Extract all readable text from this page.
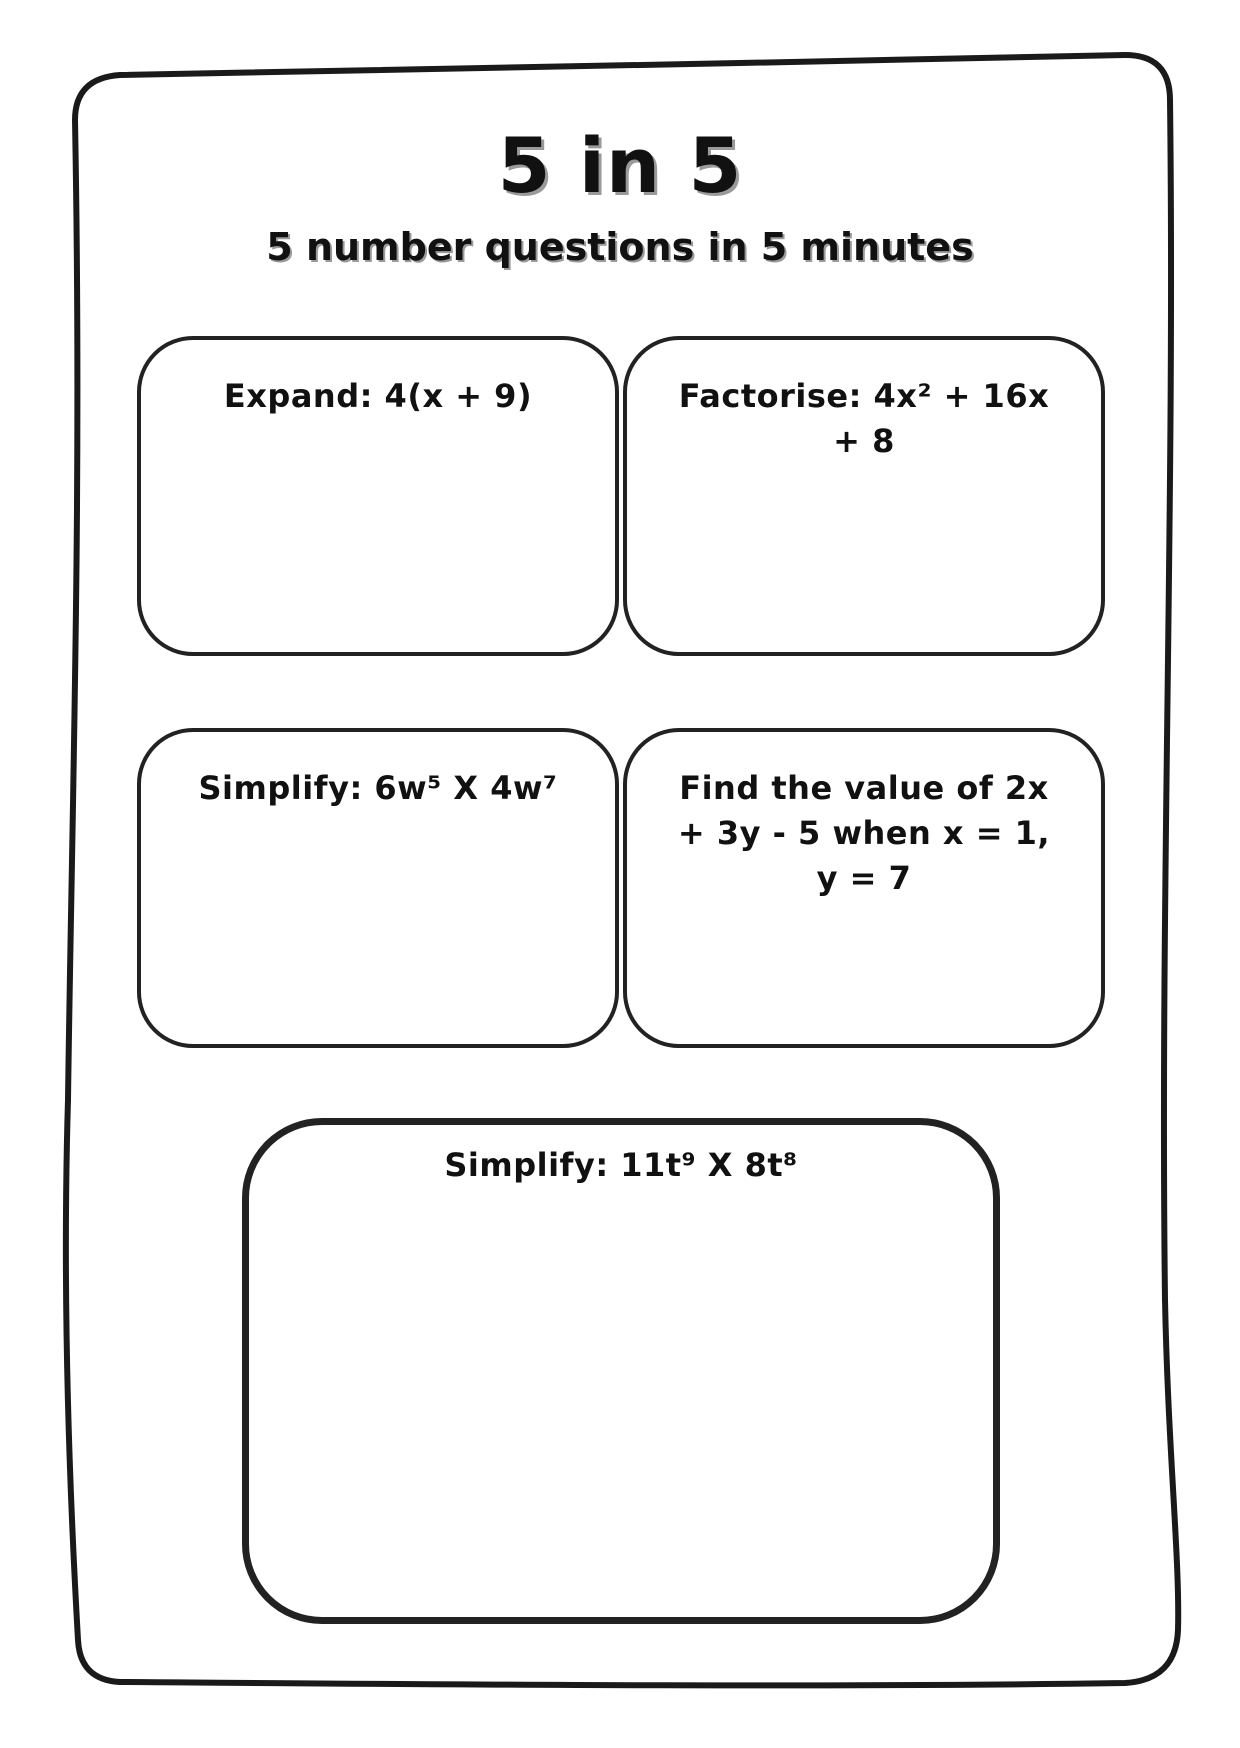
5 in 5
5 number questions in 5 minutes
Expand: 4(x + 9)	Factorise: 4x² + 16x + 8
Simplify: 6w⁵ X 4w⁷	Find the value of 2x + 3y - 5 when x = 1, y = 7
Simplify: 11t⁹ X 8t⁸
